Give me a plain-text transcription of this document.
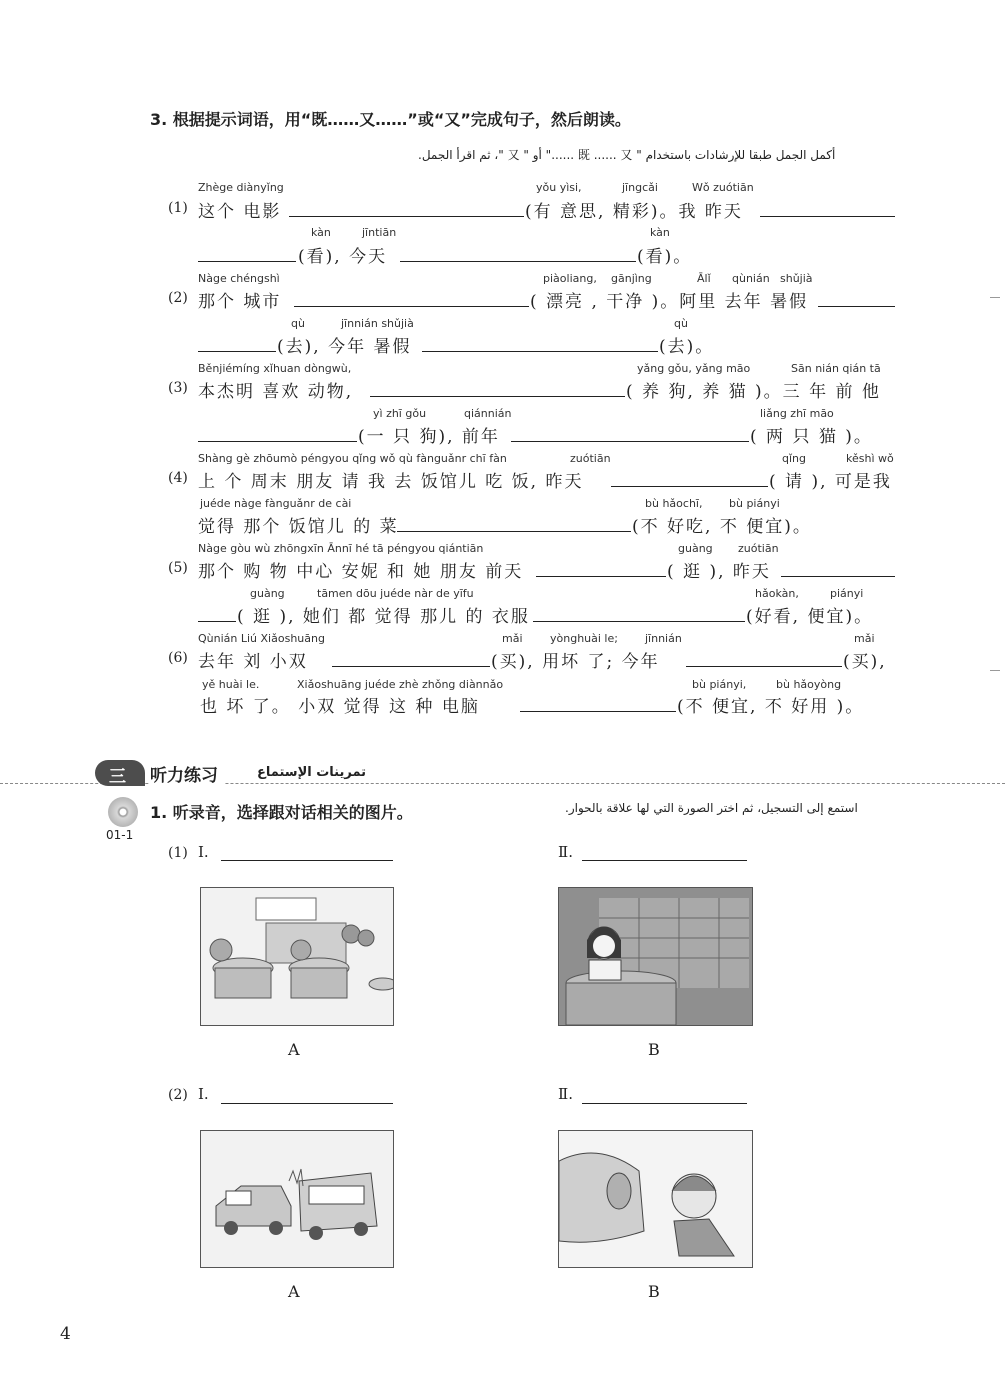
3. 根据提示词语，用“既……又……”或“又”完成句子，然后朗读。
أكمل الجمل طبقا للإرشادات باستخدام " 既 ...... 又 ......" أو " 又 "، ثم اقرأ الجمل.
Zhège diànyǐng	yǒu yìsi,	jīngcǎi	Wǒ zuótiān
(1) 这个 电影	(有 意思, 精彩)。我 昨天
kàn	jīntiān	kàn
(看), 今天	(看)。
Nàge chéngshì	piàoliang, gānjìng	Ālǐ qùnián shǔjià
(2) 那个 城市	( 漂亮 , 干净 )。阿里 去年 暑假
qù	jīnnián shǔjià	qù
(去), 今年 暑假	(去)。
Běnjiémíng xǐhuan dòngwù,	yǎng gǒu, yǎng māo	Sān nián qián tā
(3) 本杰明 喜欢 动物,	( 养 狗, 养 猫 )。三 年 前 他
yì zhī gǒu	qiánnián	liǎng zhī māo
(一 只 狗), 前年	( 两 只 猫 )。
Shàng gè zhōumò péngyou qǐng wǒ qù fànguǎnr chī fàn	zuótiān	qǐng	kěshì wǒ
(4) 上 个 周末 朋友 请 我 去 饭馆儿 吃 饭, 昨天	( 请 ), 可是我
juéde nàge fànguǎnr de cài	bù hǎochī, bù piányi
觉得 那个 饭馆儿 的 菜	(不 好吃, 不 便宜)。
Nàge gòu wù zhōngxīn Ānnī hé tā péngyou qiántiān	guàng zuótiān
(5) 那个 购 物 中心 安妮 和 她 朋友 前天	( 逛 ), 昨天
guàng	tāmen dōu juéde nàr de yīfu	hǎokàn,	piányi
( 逛 ), 她们 都 觉得 那儿 的 衣服	(好看, 便宜)。
Qùnián Liú Xiǎoshuāng	mǎi yònghuài le; jīnnián	mǎi
(6) 去年 刘 小双	(买), 用坏 了; 今年	(买),
yě huài le.	Xiǎoshuāng juéde zhè zhǒng diànnǎo	bù piányi,	bù hǎoyòng
也 坏 了。 小双 觉得 这 种 电脑	(不 便宜, 不 好用 )。
三 听力练习	تمرينات الإستماع
01-1
1. 听录音，选择跟对话相关的图片。	استمع إلى التسجيل، ثم اختر الصورة التي لها علاقة بالحوار.
(1) Ⅰ.	Ⅱ.
A	B
(2) Ⅰ.	Ⅱ.
A	B
4
